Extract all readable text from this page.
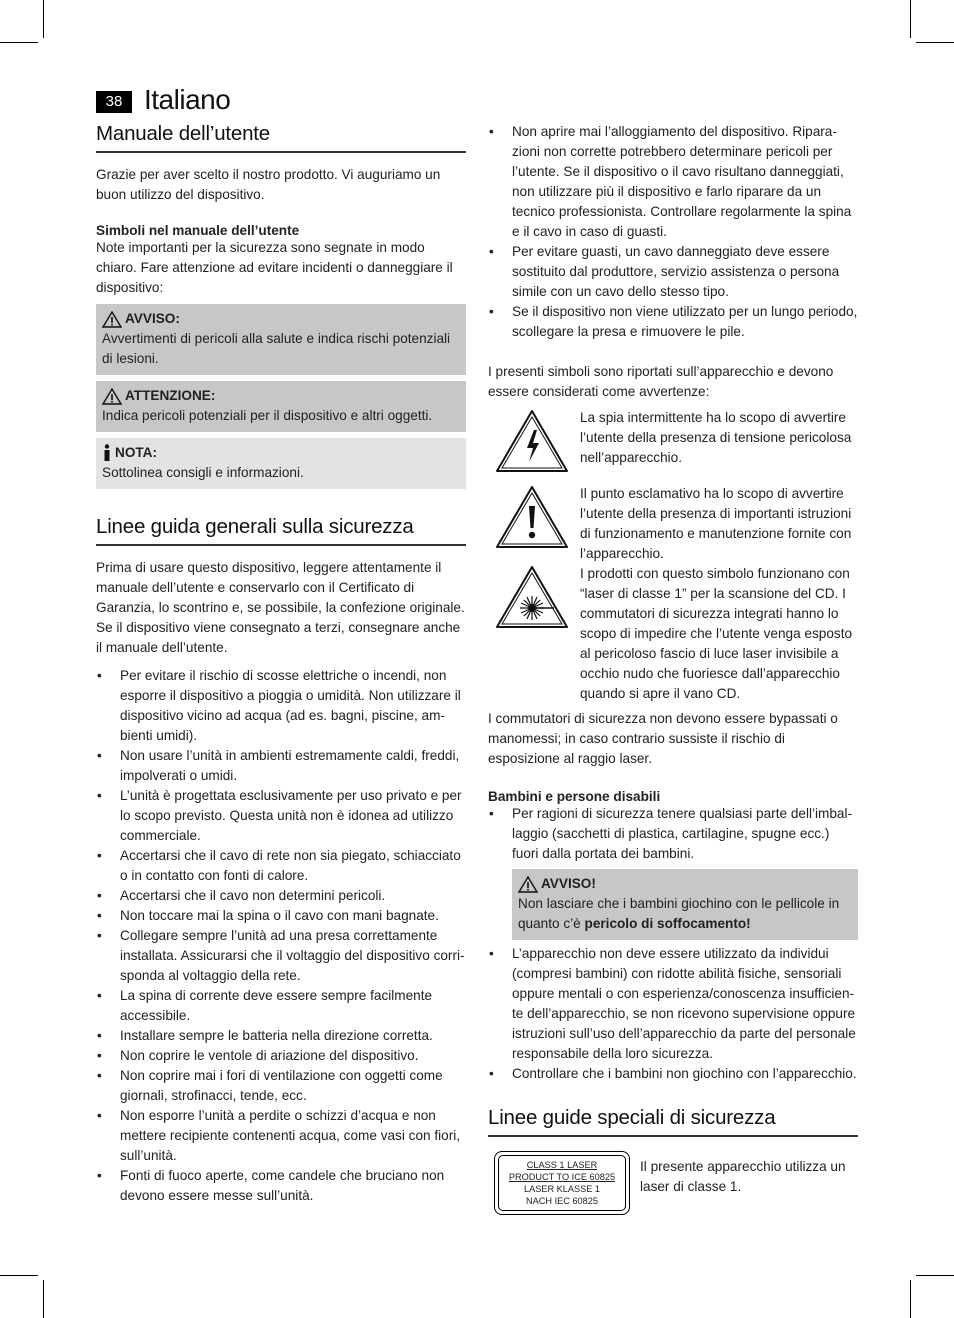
38 Italiano
Manuale dell’utente

Grazie per aver scelto il nostro prodotto. Vi auguriamo un buon utilizzo del dispositivo.

Simboli nel manuale dell’utente

Note importanti per la sicurezza sono segnate in modo chiaro. Fare attenzione ad evitare incidenti o danneggiare il dispositivo:

AVVISO:
Avvertimenti di pericoli alla salute e indica rischi potenziali di lesioni.
ATTENZIONE:
Indica pericoli potenziali per il dispositivo e altri oggetti.
NOTA:
Sottolinea consigli e informazioni.
Linee guida generali sulla sicurezza

Prima di usare questo dispositivo, leggere attentamente il manuale dell’utente e conservarlo con il Certificato di Garanzia, lo scontrino e, se possibile, la confezione originale. Se il dispositivo viene consegnato a terzi, consegnare anche il manuale dell’utente.

• Per evitare il rischio di scosse elettriche o incendi, non esporre il dispositivo a pioggia o umidità. Non utilizzare il dispositivo vicino ad acqua (ad es. bagni, piscine, am-bienti umidi).
• Non usare l’unità in ambienti estremamente caldi, freddi, impolverati o umidi.
• L’unità è progettata esclusivamente per uso privato e per lo scopo previsto. Questa unità non è idonea ad utilizzo commerciale.
• Accertarsi che il cavo di rete non sia piegato, schiacciato o in contatto con fonti di calore.
• Accertarsi che il cavo non determini pericoli.
• Non toccare mai la spina o il cavo con mani bagnate.
• Collegare sempre l’unità ad una presa correttamente installata. Assicurarsi che il voltaggio del dispositivo corri-sponda al voltaggio della rete.
• La spina di corrente deve essere sempre facilmente accessibile.
• Installare sempre le batteria nella direzione corretta.
• Non coprire le ventole di ariazione del dispositivo.
• Non coprire mai i fori di ventilazione con oggetti come giornali, strofinacci, tende, ecc.
• Non esporre l’unità a perdite o schizzi d’acqua e non mettere recipiente contenenti acqua, come vasi con fiori, sull’unità.
• Fonti di fuoco aperte, come candele che bruciano non devono essere messe sull’unità.
• Non aprire mai l’alloggiamento del dispositivo. Ripara-zioni non corrette potrebbero determinare pericoli per l’utente. Se il dispositivo o il cavo risultano danneggiati, non utilizzare più il dispositivo e farlo riparare da un tecnico professionista. Controllare regolarmente la spina e il cavo in caso di guasti.
• Per evitare guasti, un cavo danneggiato deve essere sostituito dal produttore, servizio assistenza o persona simile con un cavo dello stesso tipo.
• Se il dispositivo non viene utilizzato per un lungo periodo, scollegare la presa e rimuovere le pile.

I presenti simboli sono riportati sull’apparecchio e devono essere considerati come avvertenze:

La spia intermittente ha lo scopo di avvertire l’utente della presenza di tensione pericolosa nell’apparecchio.

Il punto esclamativo ha lo scopo di avvertire l’utente della presenza di importanti istruzioni di funzionamento e manutenzione fornite con l’apparecchio.

I prodotti con questo simbolo funzionano con “laser di classe 1” per la scansione del CD. I commutatori di sicurezza integrati hanno lo scopo di impedire che l’utente venga esposto al pericoloso fascio di luce laser invisibile a occhio nudo che fuoriesce dall’apparecchio quando si apre il vano CD.

I commutatori di sicurezza non devono essere bypassati o manomessi; in caso contrario sussiste il rischio di esposizione al raggio laser.

Bambini e persone disabili
• Per ragioni di sicurezza tenere qualsiasi parte dell’imbal-laggio (sacchetti di plastica, cartilagine, spugne ecc.) fuori dalla portata dei bambini.
AVVISO!
Non lasciare che i bambini giochino con le pellicole in quanto c’è pericolo di soffocamento!
• L’apparecchio non deve essere utilizzato da individui (compresi bambini) con ridotte abilità fisiche, sensoriali oppure mentali o con esperienza/conoscenza insufficien-te dell’apparecchio, se non ricevono supervisione oppure istruzioni sull’uso dell’apparecchio da parte del personale responsabile della loro sicurezza.
• Controllare che i bambini non giochino con l’apparecchio.
Linee guide speciali di sicurezza
CLASS 1 LASER
PRODUCT TO ICE 60825
LASER KLASSE 1
NACH IEC 60825

Il presente apparecchio utilizza un laser di classe 1.
